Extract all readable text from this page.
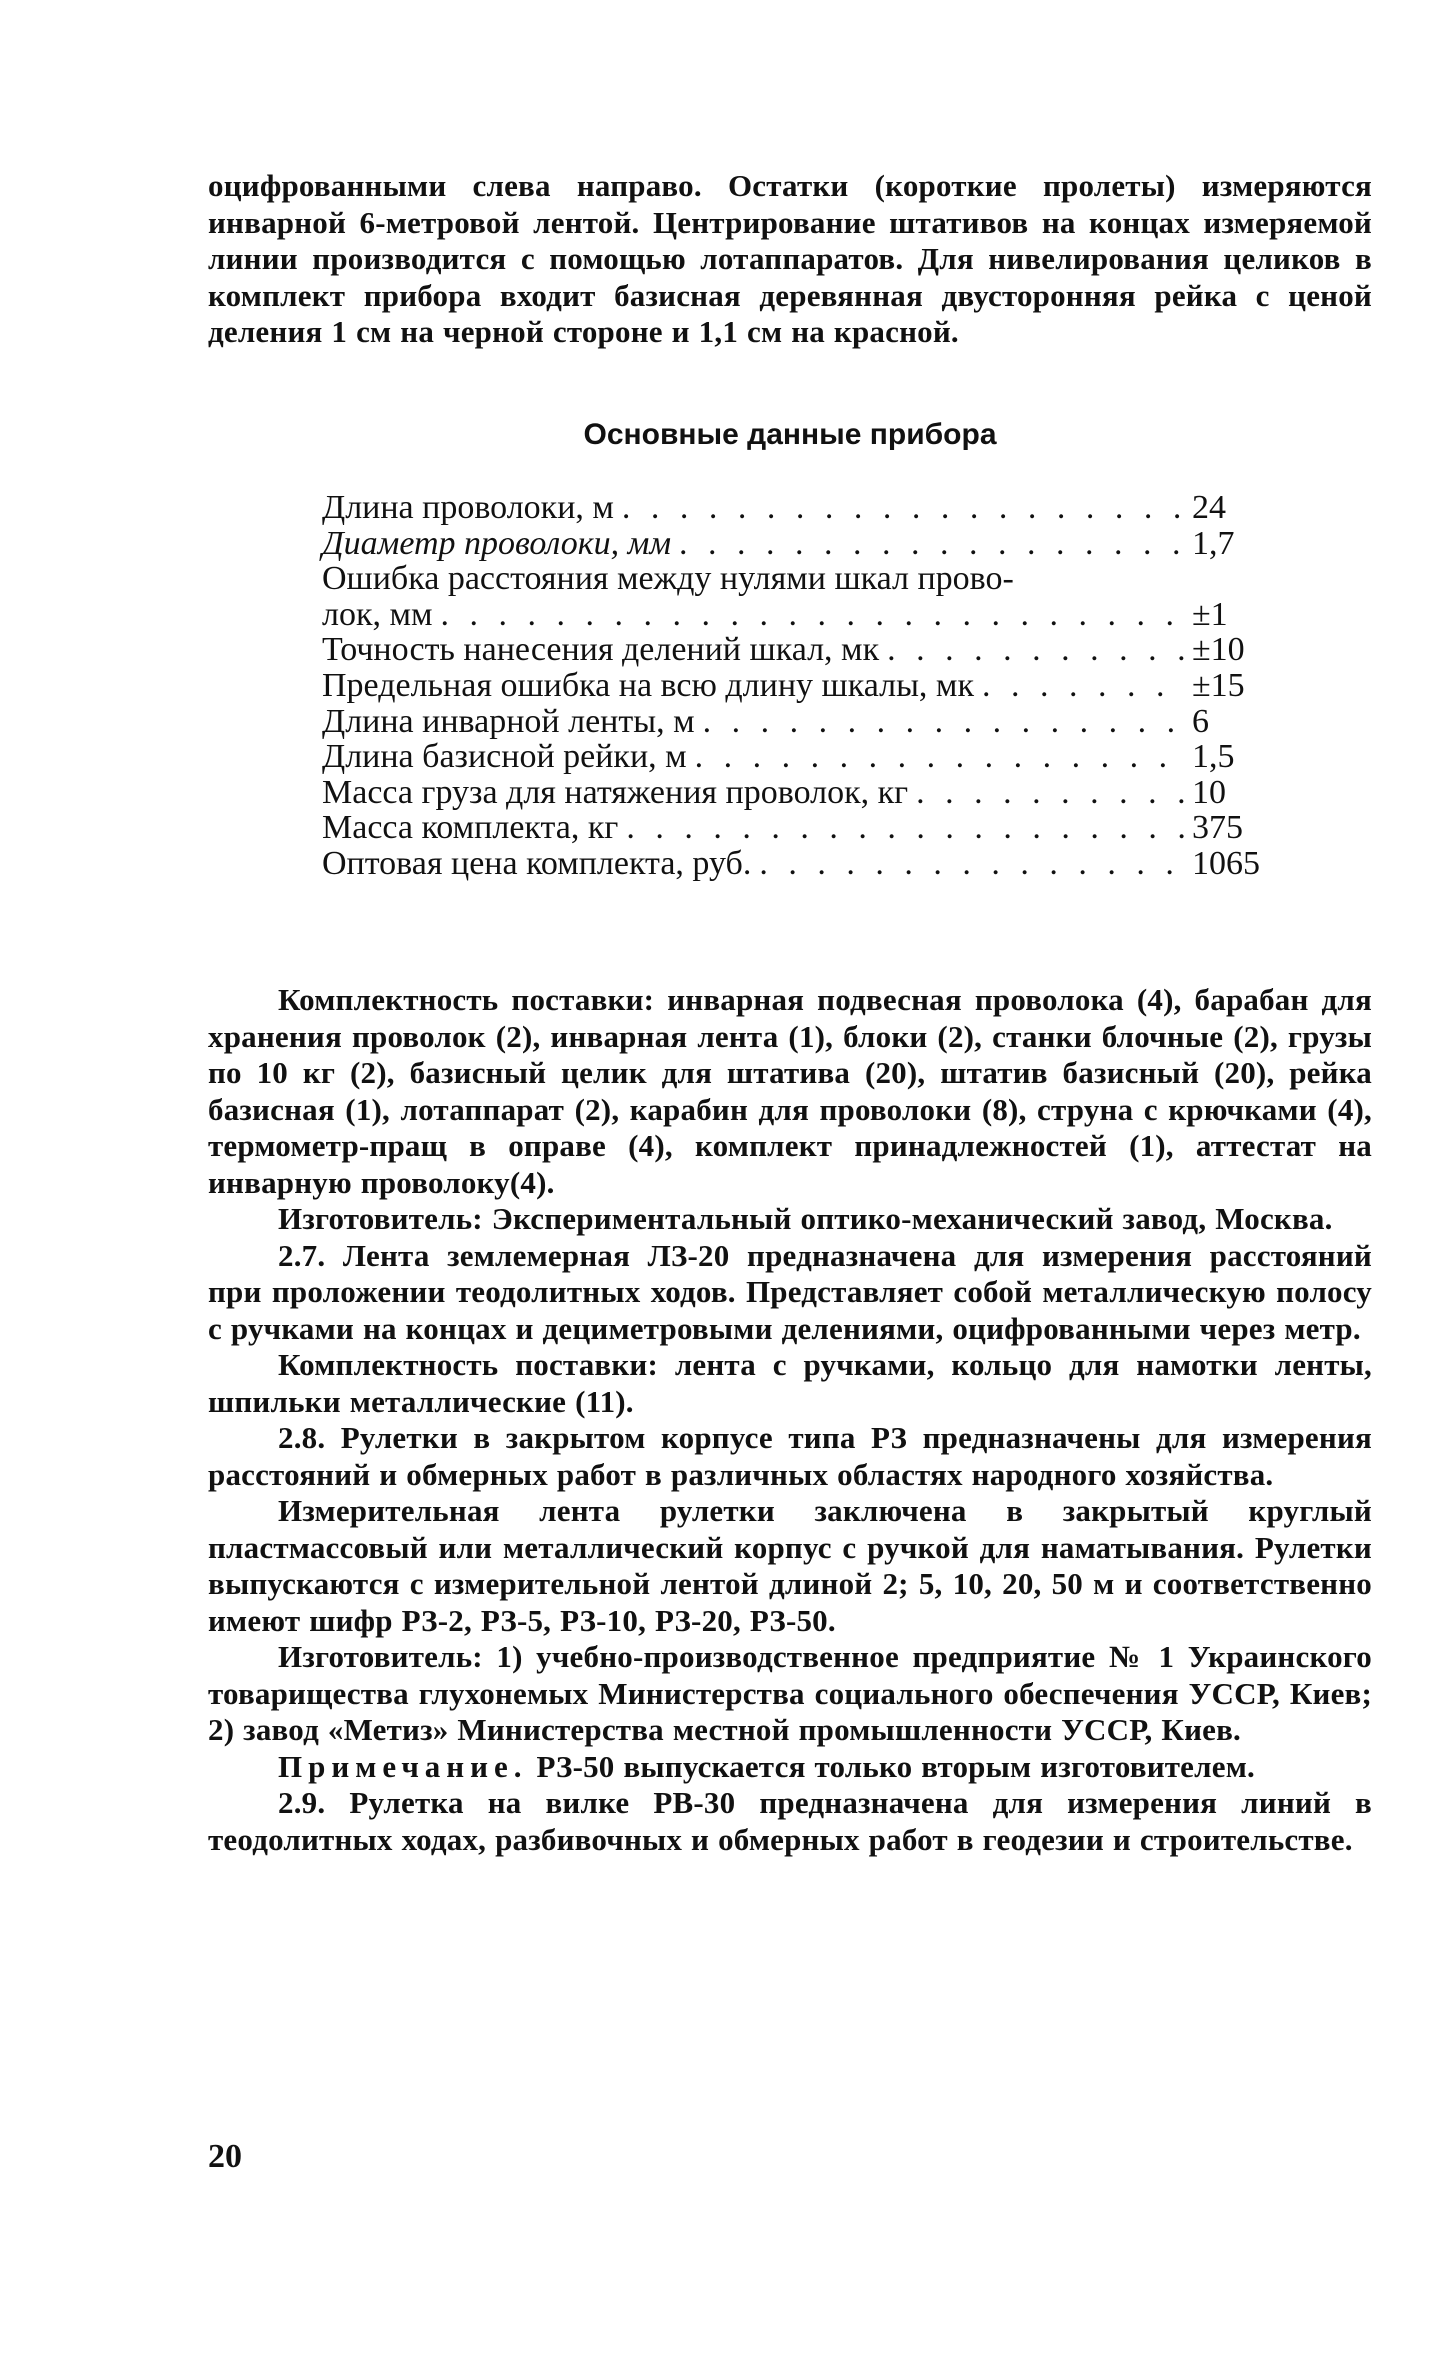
оцифрованными слева направо. Остатки (короткие пролеты) измеряются инварной 6-метровой лентой. Центрирование штативов на концах измеряемой линии производится с помощью лотаппаратов. Для нивелирования целиков в комплект прибора входит базисная деревянная двусторонняя рейка с ценой деления 1 см на черной стороне и 1,1 см на красной.

Основные данные прибора
Длина проволоки, м . . .	24
Диаметр проволоки, мм . . .	1,7
Ошибка расстояния между нулями шкал прово-
лок, мм . . .	±1
Точность нанесения делений шкал, мк . . .	±10
Предельная ошибка на всю длину шкалы, мк . . .	±15
Длина инварной ленты, м . . .	6
Длина базисной рейки, м . . .	1,5
Масса груза для натяжения проволок, кг . . .	10
Масса комплекта, кг . . .	375
Оптовая цена комплекта, руб. . . .	1065

Комплектность поставки: инварная подвесная проволока (4), барабан для хранения проволок (2), инварная лента (1), блоки (2), станки блочные (2), грузы по 10 кг (2), базисный целик для штатива (20), штатив базисный (20), рейка базисная (1), лотаппарат (2), карабин для проволоки (8), струна с крючками (4), термометр-пращ в оправе (4), комплект принадлежностей (1), аттестат на инварную проволоку(4).

Изготовитель: Экспериментальный оптико-механический завод, Москва.

2.7. Лента землемерная ЛЗ-20 предназначена для измерения расстояний при проложении теодолитных ходов. Представляет собой металлическую полосу с ручками на концах и дециметровыми делениями, оцифрованными через метр.

Комплектность поставки: лента с ручками, кольцо для намотки ленты, шпильки металлические (11).

2.8. Рулетки в закрытом корпусе типа РЗ предназначены для измерения расстояний и обмерных работ в различных областях народного хозяйства.

Измерительная лента рулетки заключена в закрытый круглый пластмассовый или металлический корпус с ручкой для наматывания. Рулетки выпускаются с измерительной лентой длиной 2; 5, 10, 20, 50 м и соответственно имеют шифр РЗ-2, РЗ-5, РЗ-10, РЗ-20, РЗ-50.

Изготовитель: 1) учебно-производственное предприятие № 1 Украинского товарищества глухонемых Министерства социального обеспечения УССР, Киев; 2) завод «Метиз» Министерства местной промышленности УССР, Киев.

Примечание. РЗ-50 выпускается только вторым изготовителем.

2.9. Рулетка на вилке РВ-30 предназначена для измерения линий в теодолитных ходах, разбивочных и обмерных работ в геодезии и строительстве.

20
